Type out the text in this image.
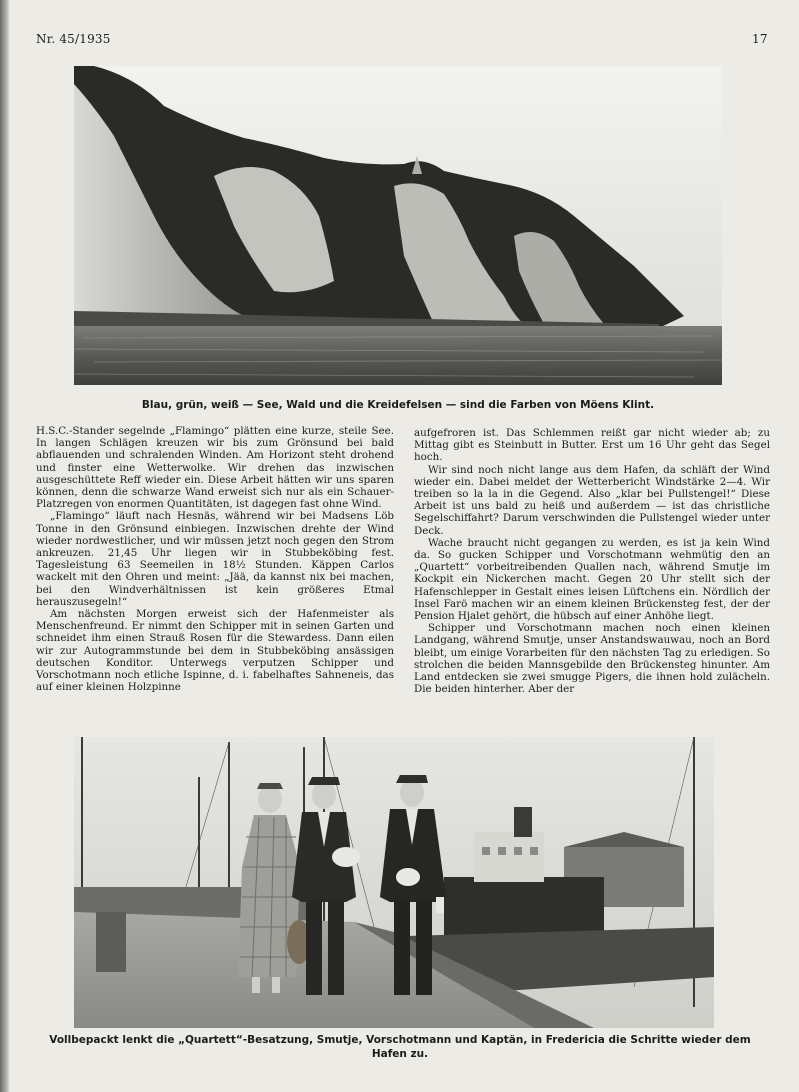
Nr. 45/1935	17
Blau, grün, weiß — See, Wald und die Kreidefelsen — sind die Farben von Möens Klint.

H.S.C.-Stander segelnde „Flamingo“ plätten eine kurze, steile See. In langen Schlägen kreuzen wir bis zum Grönsund bei bald abflauenden und schralenden Winden. Am Horizont steht drohend und finster eine Wetterwolke. Wir drehen das inzwischen ausgeschüttete Reff wieder ein. Diese Arbeit hätten wir uns sparen können, denn die schwarze Wand erweist sich nur als ein Schauer-Platzregen von enormen Quantitäten, ist dagegen fast ohne Wind.

„Flamingo“ läuft nach Hesnäs, während wir bei Madsens Löb Tonne in den Grönsund einbiegen. Inzwischen drehte der Wind wieder nordwestlicher, und wir müssen jetzt noch gegen den Strom ankreuzen. 21,45 Uhr liegen wir in Stubbeköbing fest. Tagesleistung 63 Seemeilen in 18½ Stunden. Käppen Carlos wackelt mit den Ohren und meint: „Jää, da kannst nix bei machen, bei den Windverhältnissen ist kein größeres Etmal herauszusegeln!“

Am nächsten Morgen erweist sich der Hafenmeister als Menschenfreund. Er nimmt den Schipper mit in seinen Garten und schneidet ihm einen Strauß Rosen für die Stewardess. Dann eilen wir zur Autogrammstunde bei dem in Stubbeköbing ansässigen deutschen Konditor. Unterwegs verputzen Schipper und Vorschotmann noch etliche Ispinne, d. i. fabelhaftes Sahneneis, das auf einer kleinen Holzpinne

aufgefroren ist. Das Schlemmen reißt gar nicht wieder ab; zu Mittag gibt es Steinbutt in Butter. Erst um 16 Uhr geht das Segel hoch.

Wir sind noch nicht lange aus dem Hafen, da schläft der Wind wieder ein. Dabei meldet der Wetterbericht Windstärke 2—4. Wir treiben so la la in die Gegend. Also „klar bei Pullstengel!“ Diese Arbeit ist uns bald zu heiß und außerdem — ist das christliche Segelschiffahrt? Darum verschwinden die Pullstengel wieder unter Deck.

Wache braucht nicht gegangen zu werden, es ist ja kein Wind da. So gucken Schipper und Vorschotmann wehmütig den an „Quartett“ vorbeitreibenden Quallen nach, während Smutje im Kockpit ein Nickerchen macht. Gegen 20 Uhr stellt sich der Hafenschlepper in Gestalt eines leisen Lüftchens ein. Nördlich der Insel Farö machen wir an einem kleinen Brückensteg fest, der der Pension Hjalet gehört, die hübsch auf einer Anhöhe liegt.

Schipper und Vorschotmann machen noch einen kleinen Landgang, während Smutje, unser Anstandswauwau, noch an Bord bleibt, um einige Vorarbeiten für den nächsten Tag zu erledigen. So strolchen die beiden Mannsgebilde den Brückensteg hinunter. Am Land entdecken sie zwei smugge Pigers, die ihnen hold zulächeln. Die beiden hinterher. Aber der

Vollbepackt lenkt die „Quartett“-Besatzung, Smutje, Vorschotmann und Kaptän, in Fredericia die Schritte wieder dem Hafen zu.
